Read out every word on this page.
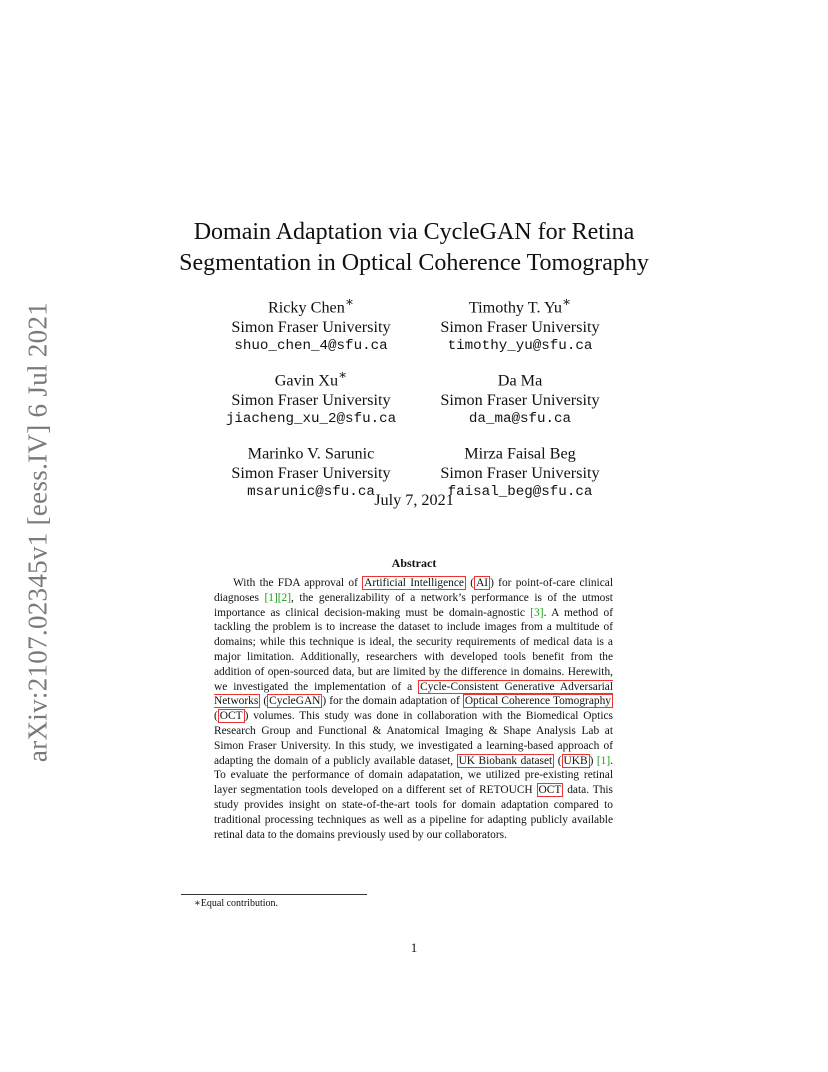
arXiv:2107.02345v1 [eess.IV] 6 Jul 2021
Domain Adaptation via CycleGAN for Retina
Segmentation in Optical Coherence Tomography
Ricky Chen∗
Simon Fraser University
shuo_chen_4@sfu.ca
Timothy T. Yu∗
Simon Fraser University
timothy_yu@sfu.ca
Gavin Xu∗
Simon Fraser University
jiacheng_xu_2@sfu.ca
Da Ma
Simon Fraser University
da_ma@sfu.ca
Marinko V. Sarunic
Simon Fraser University
msarunic@sfu.ca
Mirza Faisal Beg
Simon Fraser University
faisal_beg@sfu.ca
July 7, 2021
Abstract

With the FDA approval of Artificial Intelligence ( AI ) for point-of-care clinical diagnoses [1][2], the generalizability of a network’s performance is of the utmost importance as clinical decision-making must be domain-agnostic [3]. A method of tackling the problem is to increase the dataset to include images from a multitude of domains; while this technique is ideal, the security requirements of medical data is a major limitation. Additionally, researchers with developed tools benefit from the addition of open-sourced data, but are limited by the difference in domains. Herewith, we investigated the implementation of a Cycle-Consistent Generative Adversarial Networks ( CycleGAN ) for the domain adaptation of Optical Coherence Tomography ( OCT ) volumes. This study was done in collaboration with the Biomedical Optics Research Group and Functional & Anatomical Imaging & Shape Analysis Lab at Simon Fraser University. In this study, we investigated a learning-based approach of adapting the domain of a publicly available dataset, UK Biobank dataset ( UKB ) [1]. To evaluate the performance of domain adapatation, we utilized pre-existing retinal layer segmentation tools developed on a different set of RETOUCH OCT data. This study provides insight on state-of-the-art tools for domain adaptation compared to traditional processing techniques as well as a pipeline for adapting publicly available retinal data to the domains previously used by our collaborators.

∗Equal contribution.
1
